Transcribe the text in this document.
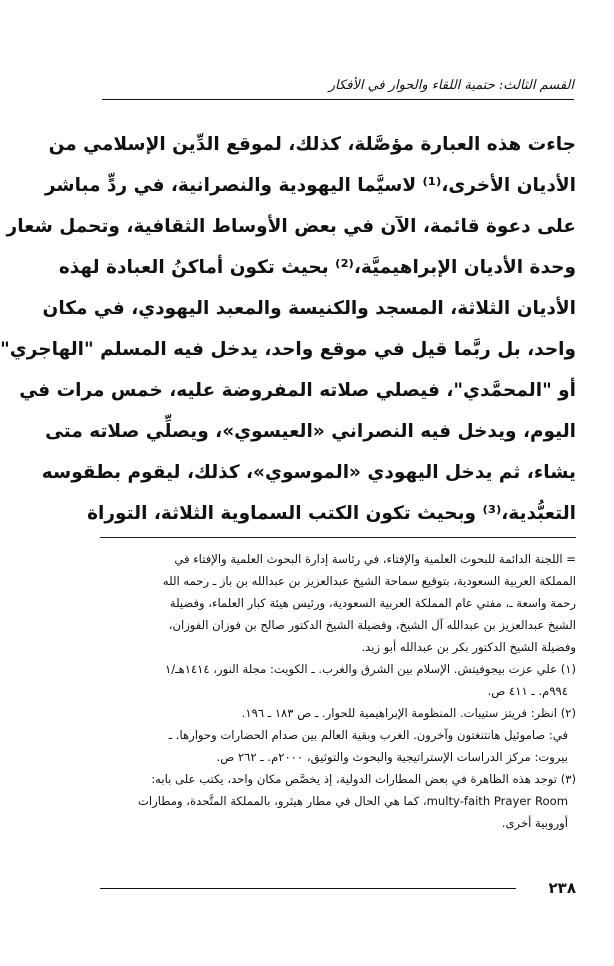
القسم الثالث: حتمية اللقاء والحوار في الأفكار
جاءت هذه العبارة مؤصَّلة، كذلك، لموقع الدِّين الإسلامي من
الأديان الأخرى،⁽¹⁾ لاسيَّما اليهودية والنصرانية، في ردٍّ مباشر
على دعوة قائمة، الآن في بعض الأوساط الثقافية، وتحمل شعار
وحدة الأديان الإبراهيميَّة،⁽²⁾ بحيث تكون أماكنُ العبادة لهذه
الأديان الثلاثة، المسجد والكنيسة والمعبد اليهودي، في مكان
واحد، بل ربَّما قيل في موقع واحد، يدخل فيه المسلم "الهاجري"
أو "المحمَّدي"، فيصلي صلاته المفروضة عليه، خمس مرات في
اليوم، ويدخل فيه النصراني «العيسوي»، ويصلِّي صلاته متى
يشاء، ثم يدخل اليهودي «الموسوي»، كذلك، ليقوم بطقوسه
التعبُّدية،⁽³⁾ وبحيث تكون الكتب السماوية الثلاثة، التوراة
= اللجنة الدائمة للبحوث العلمية والإفتاء، في رئاسة إدارة البحوث العلمية والإفتاء في
المملكة العربية السعودية، بتوقيع سماحة الشيخ عبدالعزيز بن عبدالله بن باز ـ رحمه الله
رحمة واسعة ـ، مفتي عام المملكة العربية السعودية، ورئيس هيئة كبار العلماء، وفضيلة
الشيخ عبدالعزيز بن عبدالله آل الشيخ، وفضيلة الشيخ الدكتور صالح بن فوزان الفوزان،
وفضيلة الشيخ الدكتور بكر بن عبدالله أبو زيد.
(١) علي عزت بيجوفيتش. الإسلام بين الشرق والغرب. ـ الكويت: مجلة النور، ١٤١٤هـ/١
٩٩٤م. ـ ٤١١ ص.
(٢) انظر: فريتز ستيبات. المنظومة الإبراهيمية للحوار. ـ ص ١٨٣ ـ ١٩٦.
في: صاموئيل هانتنغتون وآخرون. الغرب وبقية العالم بين صدام الحضارات وحوارها. ـ
بيروت: مركز الدراسات الإستراتيجية والبحوث والتوثيق، ٢٠٠٠م. ـ ٢٦٢ ص.
(٣) توجد هذه الظاهرة في بعض المطارات الدولية، إذ يخصَّص مكان واحد، يكتب على بابه:
multy-faith Prayer Room، كما هي الحال في مطار هيثرو، بالمملكة المتَّحدة، ومطارات
أوروبية أخرى.
٢٣٨
